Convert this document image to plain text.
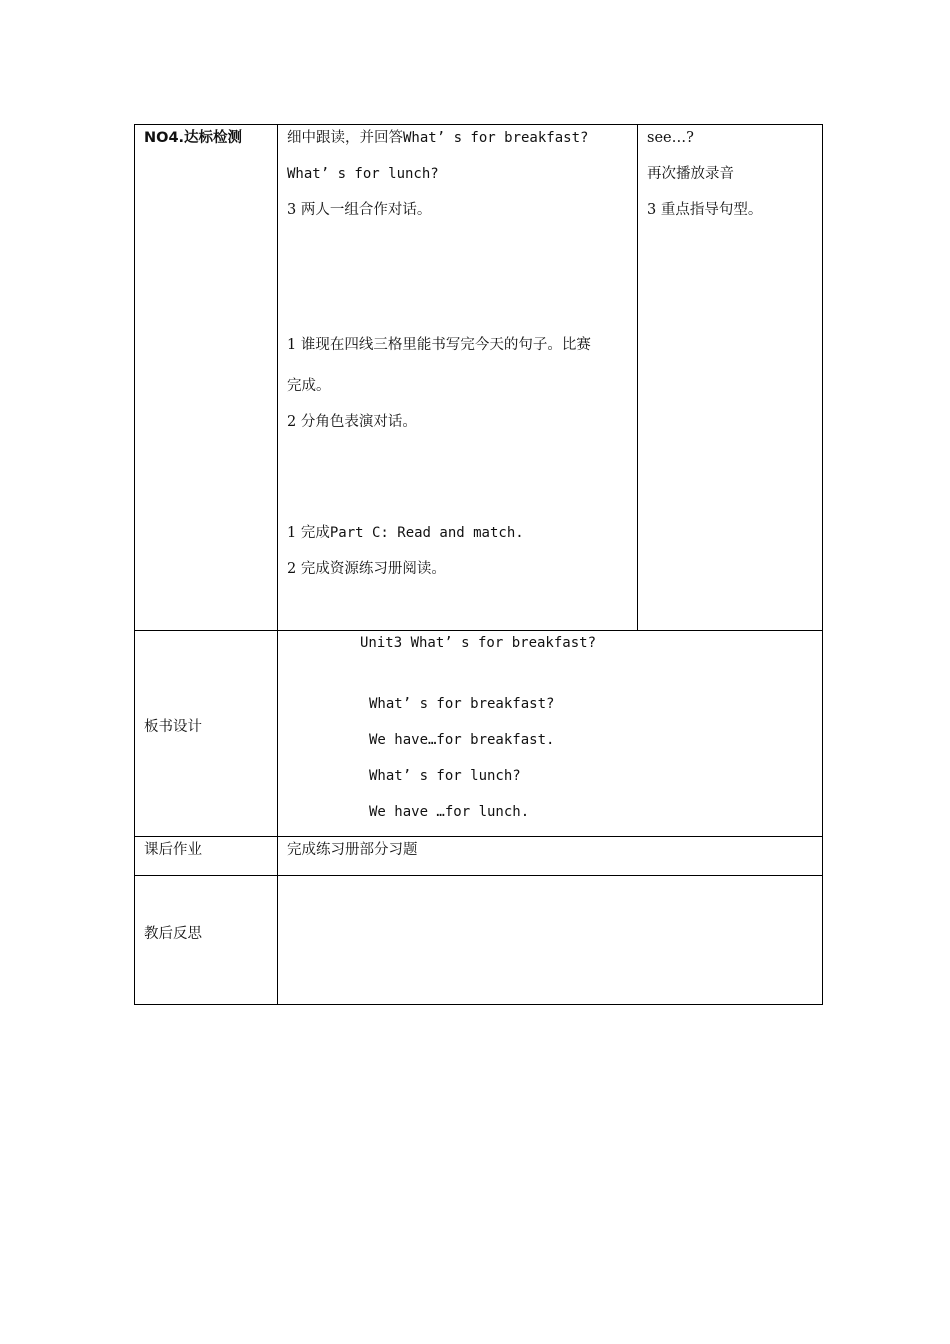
NO4.达标检测	细中跟读，并回答What’ s for breakfast?
What’ s for lunch?
3 两人一组合作对话。
1 谁现在四线三格里能书写完今天的句子。比赛
完成。
2 分角色表演对话。
1 完成Part C: Read and match.
2 完成资源练习册阅读。
see…?
再次播放录音
3 重点指导句型。
板书设计
Unit3 What’ s for breakfast?
What’ s for breakfast?
We have…for breakfast.
What’ s for lunch?
We have …for lunch.
课后作业	完成练习册部分习题
教后反思
